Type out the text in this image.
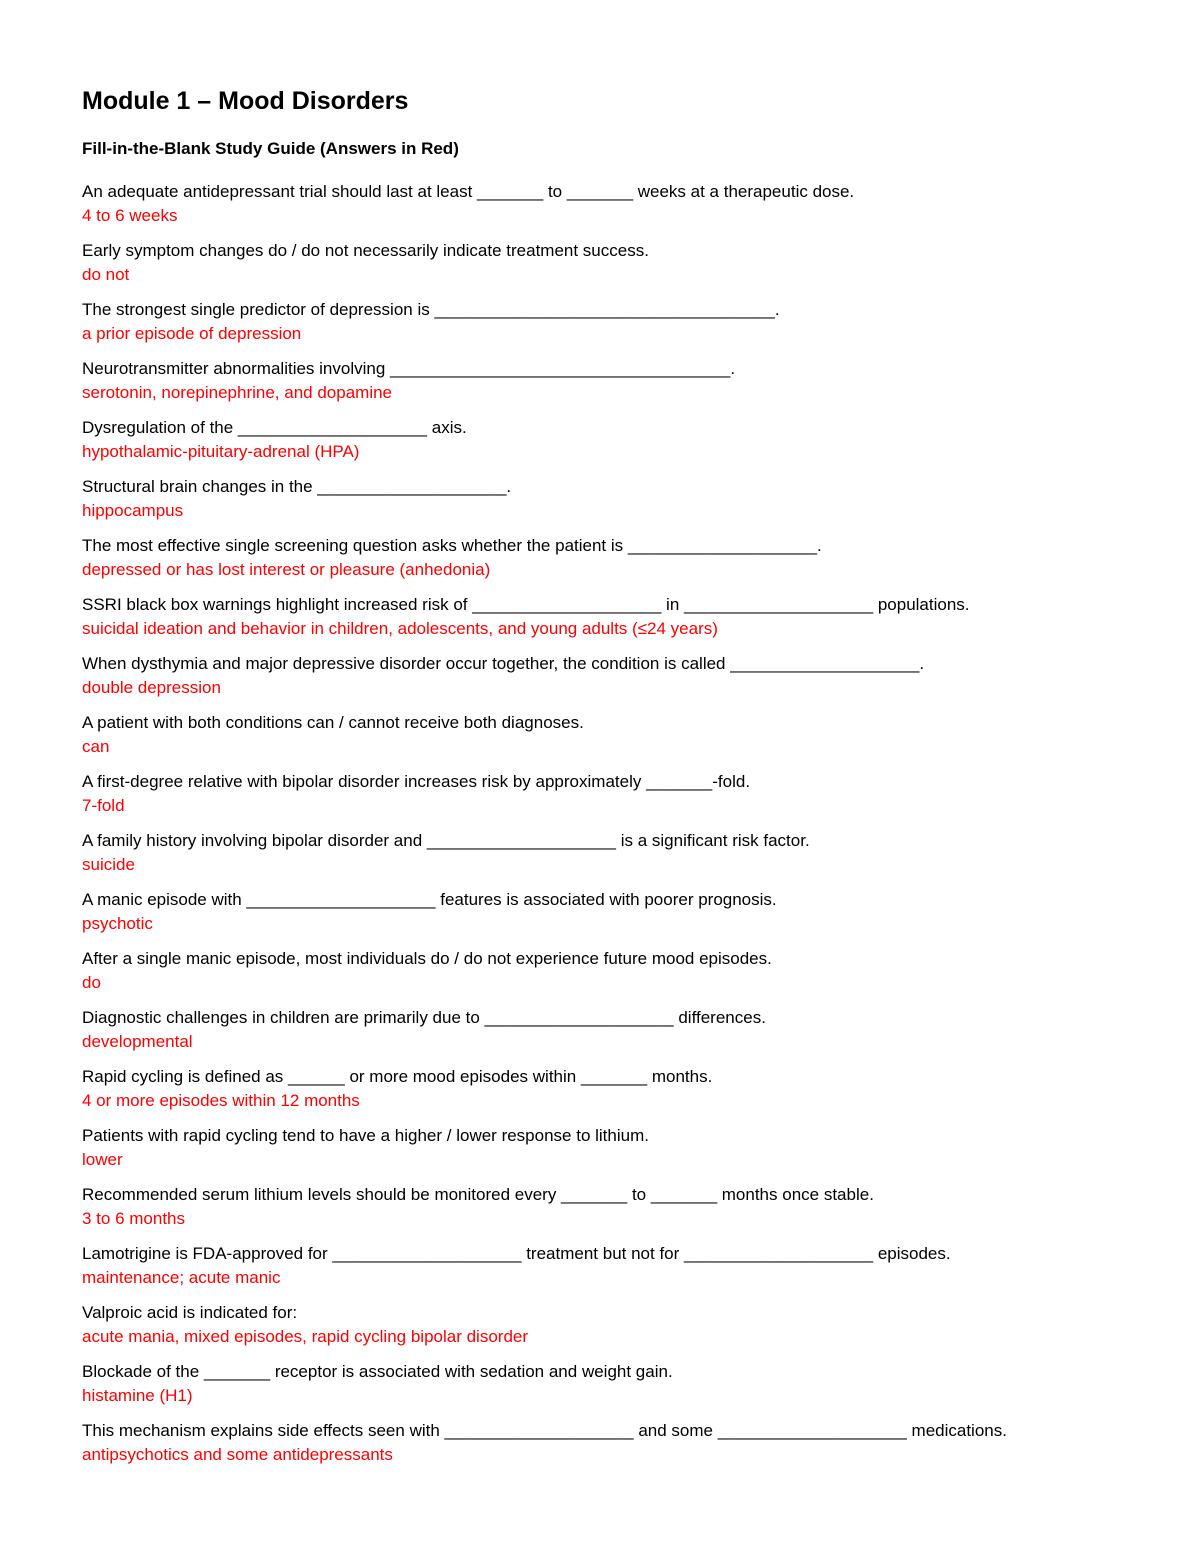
Module 1 – Mood Disorders
Fill-in-the-Blank Study Guide (Answers in Red)
An adequate antidepressant trial should last at least _______ to _______ weeks at a therapeutic dose.
4 to 6 weeks
Early symptom changes do / do not necessarily indicate treatment success.
do not
The strongest single predictor of depression is ____________________________________.
a prior episode of depression
Neurotransmitter abnormalities involving ____________________________________.
serotonin, norepinephrine, and dopamine
Dysregulation of the ____________________ axis.
hypothalamic-pituitary-adrenal (HPA)
Structural brain changes in the ____________________.
hippocampus
The most effective single screening question asks whether the patient is ____________________.
depressed or has lost interest or pleasure (anhedonia)
SSRI black box warnings highlight increased risk of ____________________ in ____________________ populations.
suicidal ideation and behavior in children, adolescents, and young adults (≤24 years)
When dysthymia and major depressive disorder occur together, the condition is called ____________________.
double depression
A patient with both conditions can / cannot receive both diagnoses.
can
A first-degree relative with bipolar disorder increases risk by approximately _______-fold.
7-fold
A family history involving bipolar disorder and ____________________ is a significant risk factor.
suicide
A manic episode with ____________________ features is associated with poorer prognosis.
psychotic
After a single manic episode, most individuals do / do not experience future mood episodes.
do
Diagnostic challenges in children are primarily due to ____________________ differences.
developmental
Rapid cycling is defined as ______ or more mood episodes within _______ months.
4 or more episodes within 12 months
Patients with rapid cycling tend to have a higher / lower response to lithium.
lower
Recommended serum lithium levels should be monitored every _______ to _______ months once stable.
3 to 6 months
Lamotrigine is FDA-approved for ____________________ treatment but not for ____________________ episodes.
maintenance; acute manic
Valproic acid is indicated for:
acute mania, mixed episodes, rapid cycling bipolar disorder
Blockade of the _______ receptor is associated with sedation and weight gain.
histamine (H1)
This mechanism explains side effects seen with ____________________ and some ____________________ medications.
antipsychotics and some antidepressants
